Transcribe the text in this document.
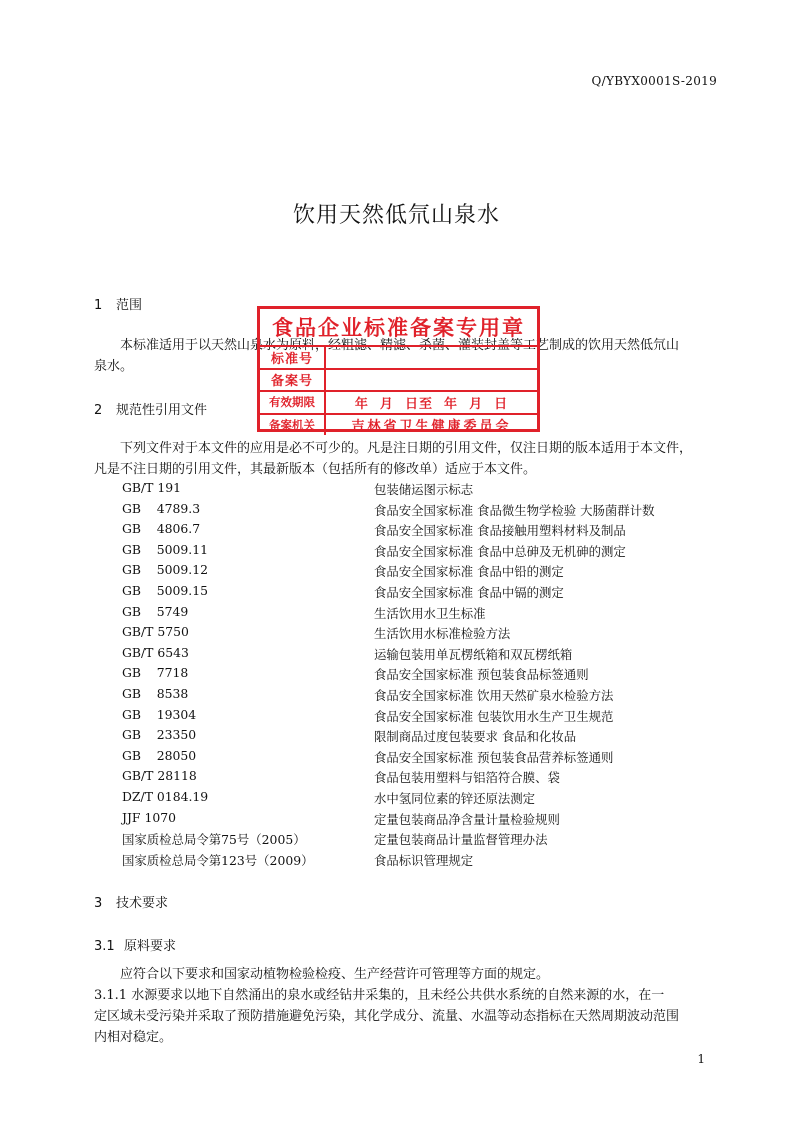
Q/YBYX0001S-2019
饮用天然低氘山泉水
1 范围
本标准适用于以天然山泉水为原料，经粗滤、精滤、杀菌、灌装封盖等工艺制成的饮用天然低氘山
泉水。
2 规范性引用文件
下列文件对于本文件的应用是必不可少的。凡是注日期的引用文件，仅注日期的版本适用于本文件，
凡是不注日期的引用文件，其最新版本（包括所有的修改单）适应于本文件。
GB/T 191	包装储运图示标志
GB    4789.3	食品安全国家标准 食品微生物学检验 大肠菌群计数
GB    4806.7	食品安全国家标准 食品接触用塑料材料及制品
GB    5009.11	食品安全国家标准 食品中总砷及无机砷的测定
GB    5009.12	食品安全国家标准 食品中铅的测定
GB    5009.15	食品安全国家标准 食品中镉的测定
GB    5749	生活饮用水卫生标准
GB/T 5750	生活饮用水标准检验方法
GB/T 6543	运输包装用单瓦楞纸箱和双瓦楞纸箱
GB    7718	食品安全国家标准 预包装食品标签通则
GB    8538	食品安全国家标准 饮用天然矿泉水检验方法
GB    19304	食品安全国家标准 包装饮用水生产卫生规范
GB    23350	限制商品过度包装要求 食品和化妆品
GB    28050	食品安全国家标准 预包装食品营养标签通则
GB/T 28118	食品包装用塑料与铝箔符合膜、袋
DZ/T 0184.19	水中氢同位素的锌还原法测定
JJF 1070	定量包装商品净含量计量检验规则
国家质检总局令第75号（2005）	定量包装商品计量监督管理办法
国家质检总局令第123号（2009）	食品标识管理规定
3 技术要求
3.1 原料要求
应符合以下要求和国家动植物检验检疫、生产经营许可管理等方面的规定。
3.1.1 水源要求以地下自然涌出的泉水或经钻井采集的，且未经公共供水系统的自然来源的水，在一
定区域未受污染并采取了预防措施避免污染，其化学成分、流量、水温等动态指标在天然周期波动范围
内相对稳定。
食品企业标准备案专用章
标准号
备案号
有效期限	年  月  日至  年  月  日
备案机关	吉林省卫生健康委员会
1
